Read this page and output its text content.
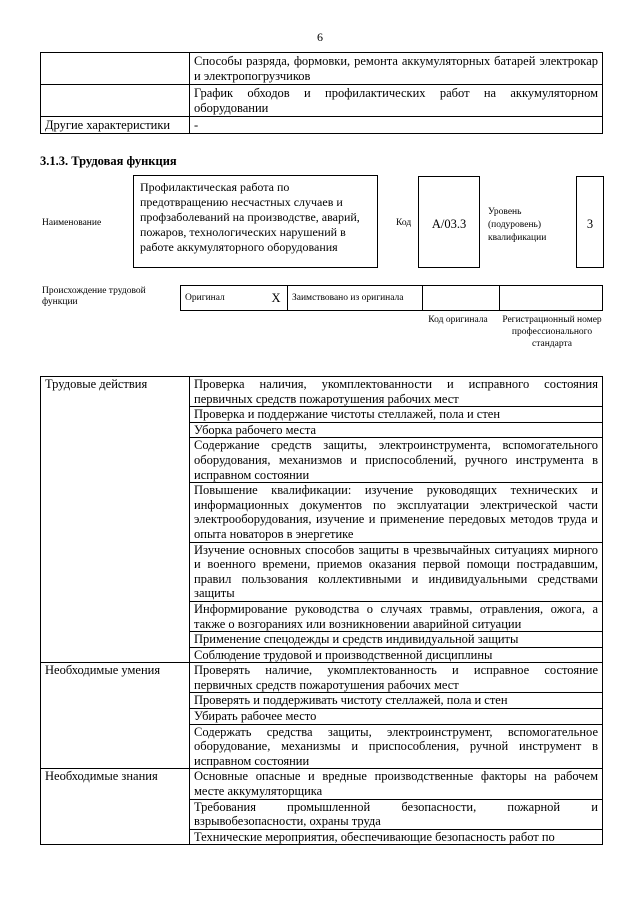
6
	Способы разряда, формовки, ремонта аккумуляторных батарей электрокар и электропогрузчиков
	График обходов и профилактических работ на аккумуляторном оборудовании
Другие характеристики	-
3.1.3. Трудовая функция
Наименование
Профилактическая работа по предотвращению несчастных случаев и профзаболеваний на производстве, аварий, пожаров, технологических нарушений в работе аккумуляторного оборудования
Код	А/03.3
Уровень (подуровень) квалификации
3
Происхождение трудовой функции	Оригинал	X	Заимствовано из оригинала		
Код оригинала	Регистрационный номер профессионального стандарта
Трудовые действия	Проверка наличия, укомплектованности и исправного состояния первичных средств пожаротушения рабочих мест
	Проверка и поддержание чистоты стеллажей, пола и стен
	Уборка рабочего места
	Содержание средств защиты, электроинструмента, вспомогательного оборудования, механизмов и приспособлений, ручного инструмента в исправном состоянии
	Повышение квалификации: изучение руководящих технических и информационных документов по эксплуатации электрической части электрооборудования, изучение и применение передовых методов труда и опыта новаторов в энергетике
	Изучение основных способов защиты в чрезвычайных ситуациях мирного и военного времени, приемов оказания первой помощи пострадавшим, правил пользования коллективными и индивидуальными средствами защиты
	Информирование руководства о случаях травмы, отравления, ожога, а также о возгораниях или возникновении аварийной ситуации
	Применение спецодежды и средств индивидуальной защиты
	Соблюдение трудовой и производственной дисциплины
Необходимые умения	Проверять наличие, укомплектованность и исправное состояние первичных средств пожаротушения рабочих мест
	Проверять и поддерживать чистоту стеллажей, пола и стен
	Убирать рабочее место
	Содержать средства защиты, электроинструмент, вспомогательное оборудование, механизмы и приспособления, ручной инструмент в исправном состоянии
Необходимые знания	Основные опасные и вредные производственные факторы на рабочем месте аккумуляторщика
	Требования промышленной безопасности, пожарной и взрывобезопасности, охраны труда
	Технические мероприятия, обеспечивающие безопасность работ по
